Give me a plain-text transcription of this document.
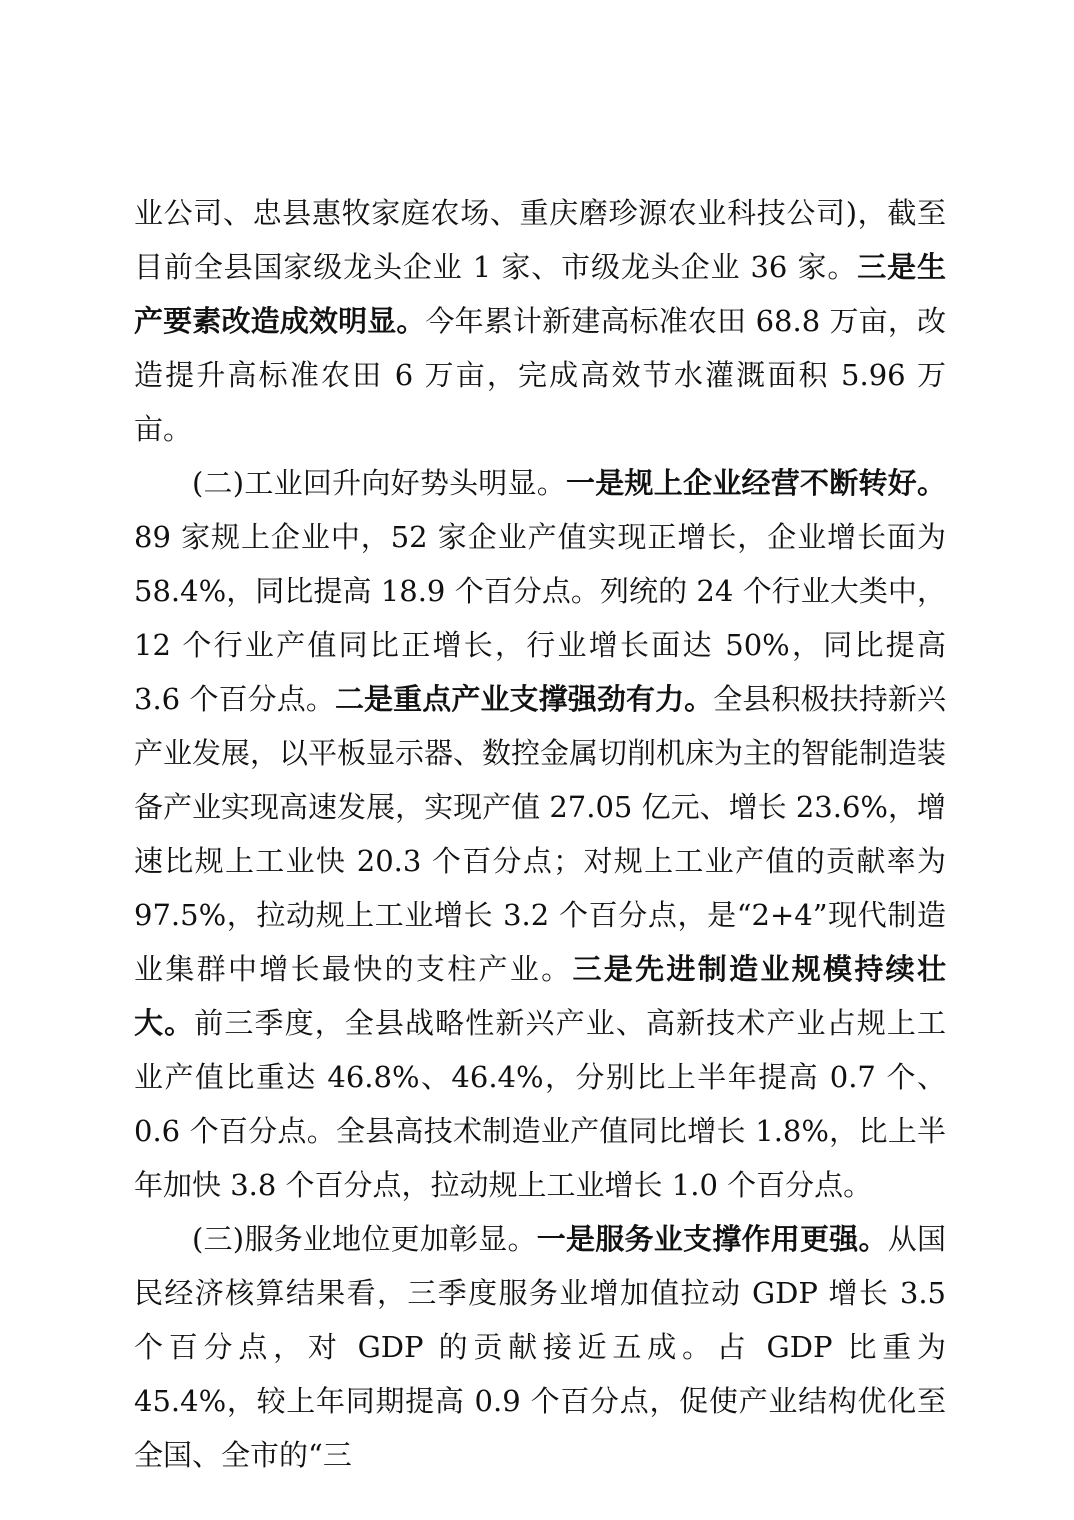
业公司、忠县惠牧家庭农场、重庆磨珍源农业科技公司)，截至目前全县国家级龙头企业 1 家、市级龙头企业 36 家。三是生产要素改造成效明显。今年累计新建高标准农田 68.8 万亩，改造提升高标准农田 6 万亩，完成高效节水灌溉面积 5.96 万亩。

(二)工业回升向好势头明显。一是规上企业经营不断转好。89 家规上企业中，52 家企业产值实现正增长，企业增长面为 58.4%，同比提高 18.9 个百分点。列统的 24 个行业大类中，12 个行业产值同比正增长，行业增长面达 50%，同比提高 3.6 个百分点。二是重点产业支撑强劲有力。全县积极扶持新兴产业发展，以平板显示器、数控金属切削机床为主的智能制造装备产业实现高速发展，实现产值 27.05 亿元、增长 23.6%，增速比规上工业快 20.3 个百分点；对规上工业产值的贡献率为 97.5%，拉动规上工业增长 3.2 个百分点，是“2+4”现代制造业集群中增长最快的支柱产业。三是先进制造业规模持续壮大。前三季度，全县战略性新兴产业、高新技术产业占规上工业产值比重达 46.8%、46.4%，分别比上半年提高 0.7 个、0.6 个百分点。全县高技术制造业产值同比增长 1.8%，比上半年加快 3.8 个百分点，拉动规上工业增长 1.0 个百分点。

(三)服务业地位更加彰显。一是服务业支撑作用更强。从国民经济核算结果看，三季度服务业增加值拉动 GDP 增长 3.5 个百分点，对 GDP 的贡献接近五成。占 GDP 比重为 45.4%，较上年同期提高 0.9 个百分点，促使产业结构优化至全国、全市的“三
